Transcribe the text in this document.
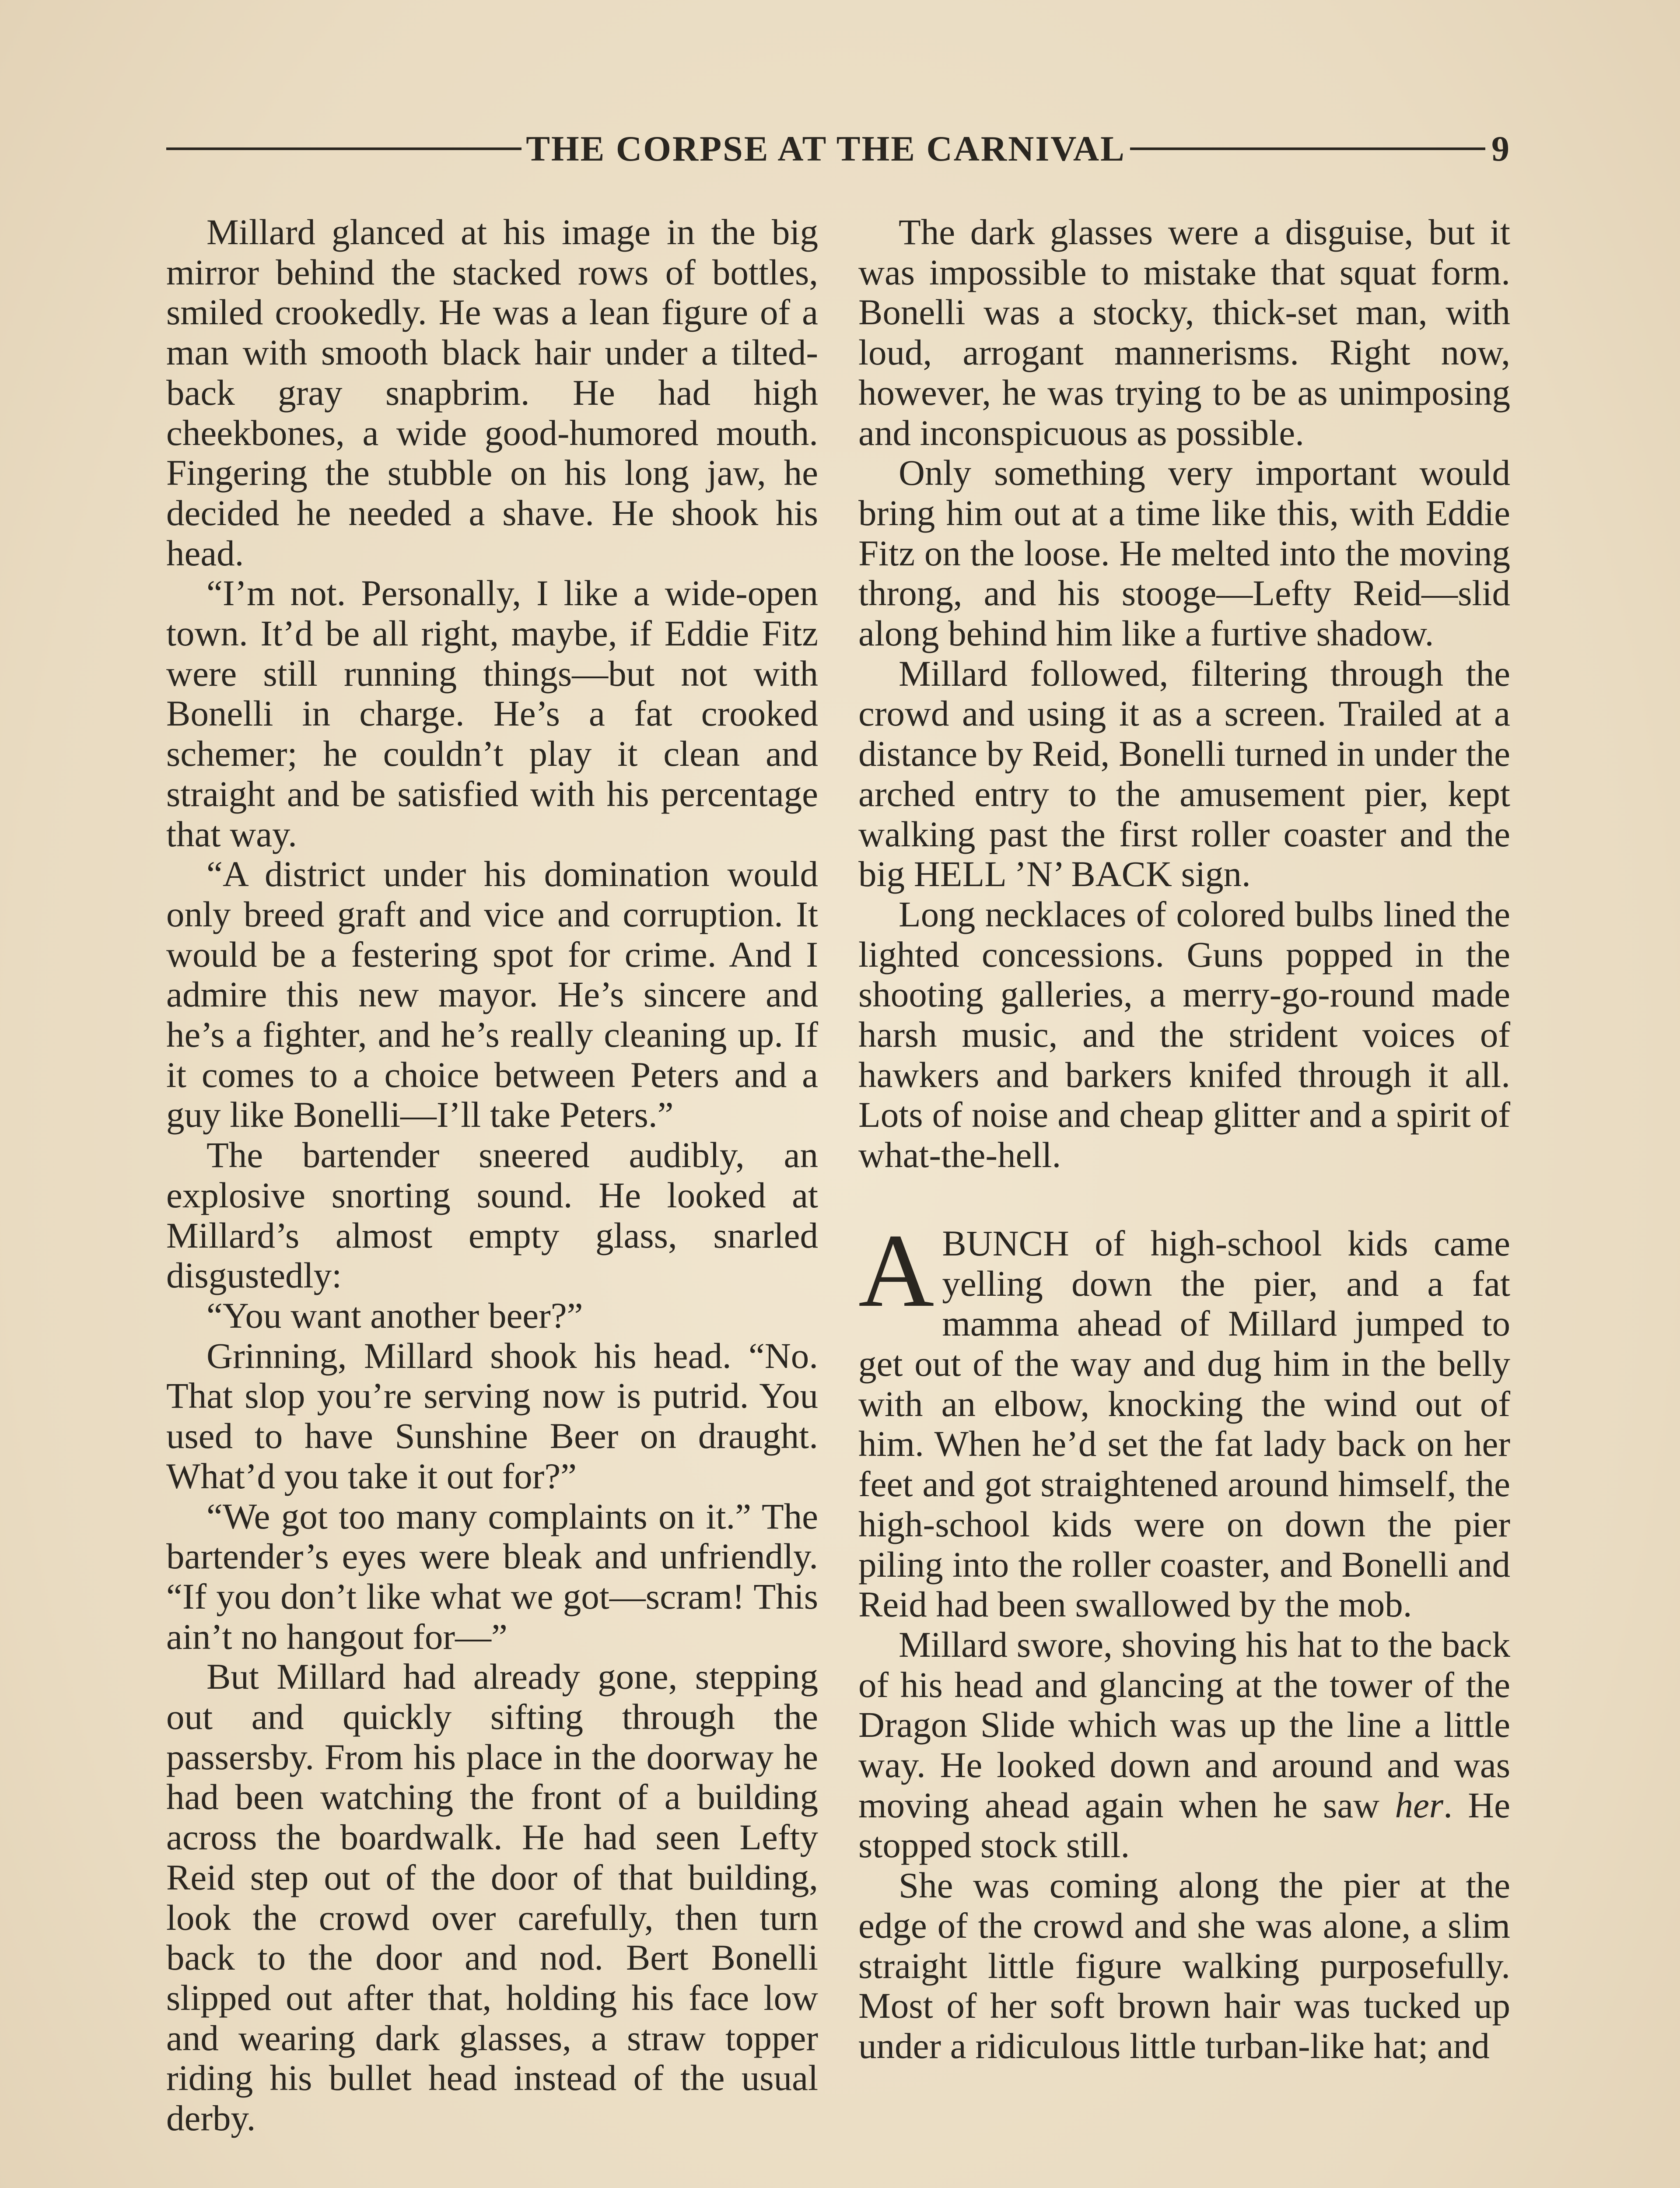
THE CORPSE AT THE CARNIVAL	9

Millard glanced at his image in the big mirror behind the stacked rows of bottles, smiled crookedly. He was a lean figure of a man with smooth black hair under a tilted-back gray snapbrim. He had high cheekbones, a wide good-humored mouth. Fingering the stubble on his long jaw, he decided he needed a shave. He shook his head.

“I’m not. Personally, I like a wide-open town. It’d be all right, maybe, if Eddie Fitz were still running things—but not with Bonelli in charge. He’s a fat crooked schemer; he couldn’t play it clean and straight and be satisfied with his percentage that way.

“A district under his domination would only breed graft and vice and corruption. It would be a festering spot for crime. And I admire this new mayor. He’s sincere and he’s a fighter, and he’s really cleaning up. If it comes to a choice between Peters and a guy like Bonelli—I’ll take Peters.”

The bartender sneered audibly, an explosive snorting sound. He looked at Millard’s almost empty glass, snarled disgustedly:

“You want another beer?”

Grinning, Millard shook his head. “No. That slop you’re serving now is putrid. You used to have Sunshine Beer on draught. What’d you take it out for?”

“We got too many complaints on it.” The bartender’s eyes were bleak and unfriendly. “If you don’t like what we got—scram! This ain’t no hangout for—”

But Millard had already gone, stepping out and quickly sifting through the passersby. From his place in the doorway he had been watching the front of a building across the boardwalk. He had seen Lefty Reid step out of the door of that building, look the crowd over carefully, then turn back to the door and nod. Bert Bonelli slipped out after that, holding his face low and wearing dark glasses, a straw topper riding his bullet head instead of the usual derby.

The dark glasses were a disguise, but it was impossible to mistake that squat form. Bonelli was a stocky, thick-set man, with loud, arrogant mannerisms. Right now, however, he was trying to be as unimposing and inconspicuous as possible.

Only something very important would bring him out at a time like this, with Eddie Fitz on the loose. He melted into the moving throng, and his stooge—Lefty Reid—slid along behind him like a furtive shadow.

Millard followed, filtering through the crowd and using it as a screen. Trailed at a distance by Reid, Bonelli turned in under the arched entry to the amusement pier, kept walking past the first roller coaster and the big HELL ’N’ BACK sign.

Long necklaces of colored bulbs lined the lighted concessions. Guns popped in the shooting galleries, a merry-go-round made harsh music, and the strident voices of hawkers and barkers knifed through it all. Lots of noise and cheap glitter and a spirit of what-the-hell.

ABUNCH of high-school kids came yelling down the pier, and a fat mamma ahead of Millard jumped to get out of the way and dug him in the belly with an elbow, knocking the wind out of him. When he’d set the fat lady back on her feet and got straightened around himself, the high-school kids were on down the pier piling into the roller coaster, and Bonelli and Reid had been swallowed by the mob.

Millard swore, shoving his hat to the back of his head and glancing at the tower of the Dragon Slide which was up the line a little way. He looked down and around and was moving ahead again when he saw her. He stopped stock still.

She was coming along the pier at the edge of the crowd and she was alone, a slim straight little figure walking purposefully. Most of her soft brown hair was tucked up under a ridiculous little turban-like hat; and
